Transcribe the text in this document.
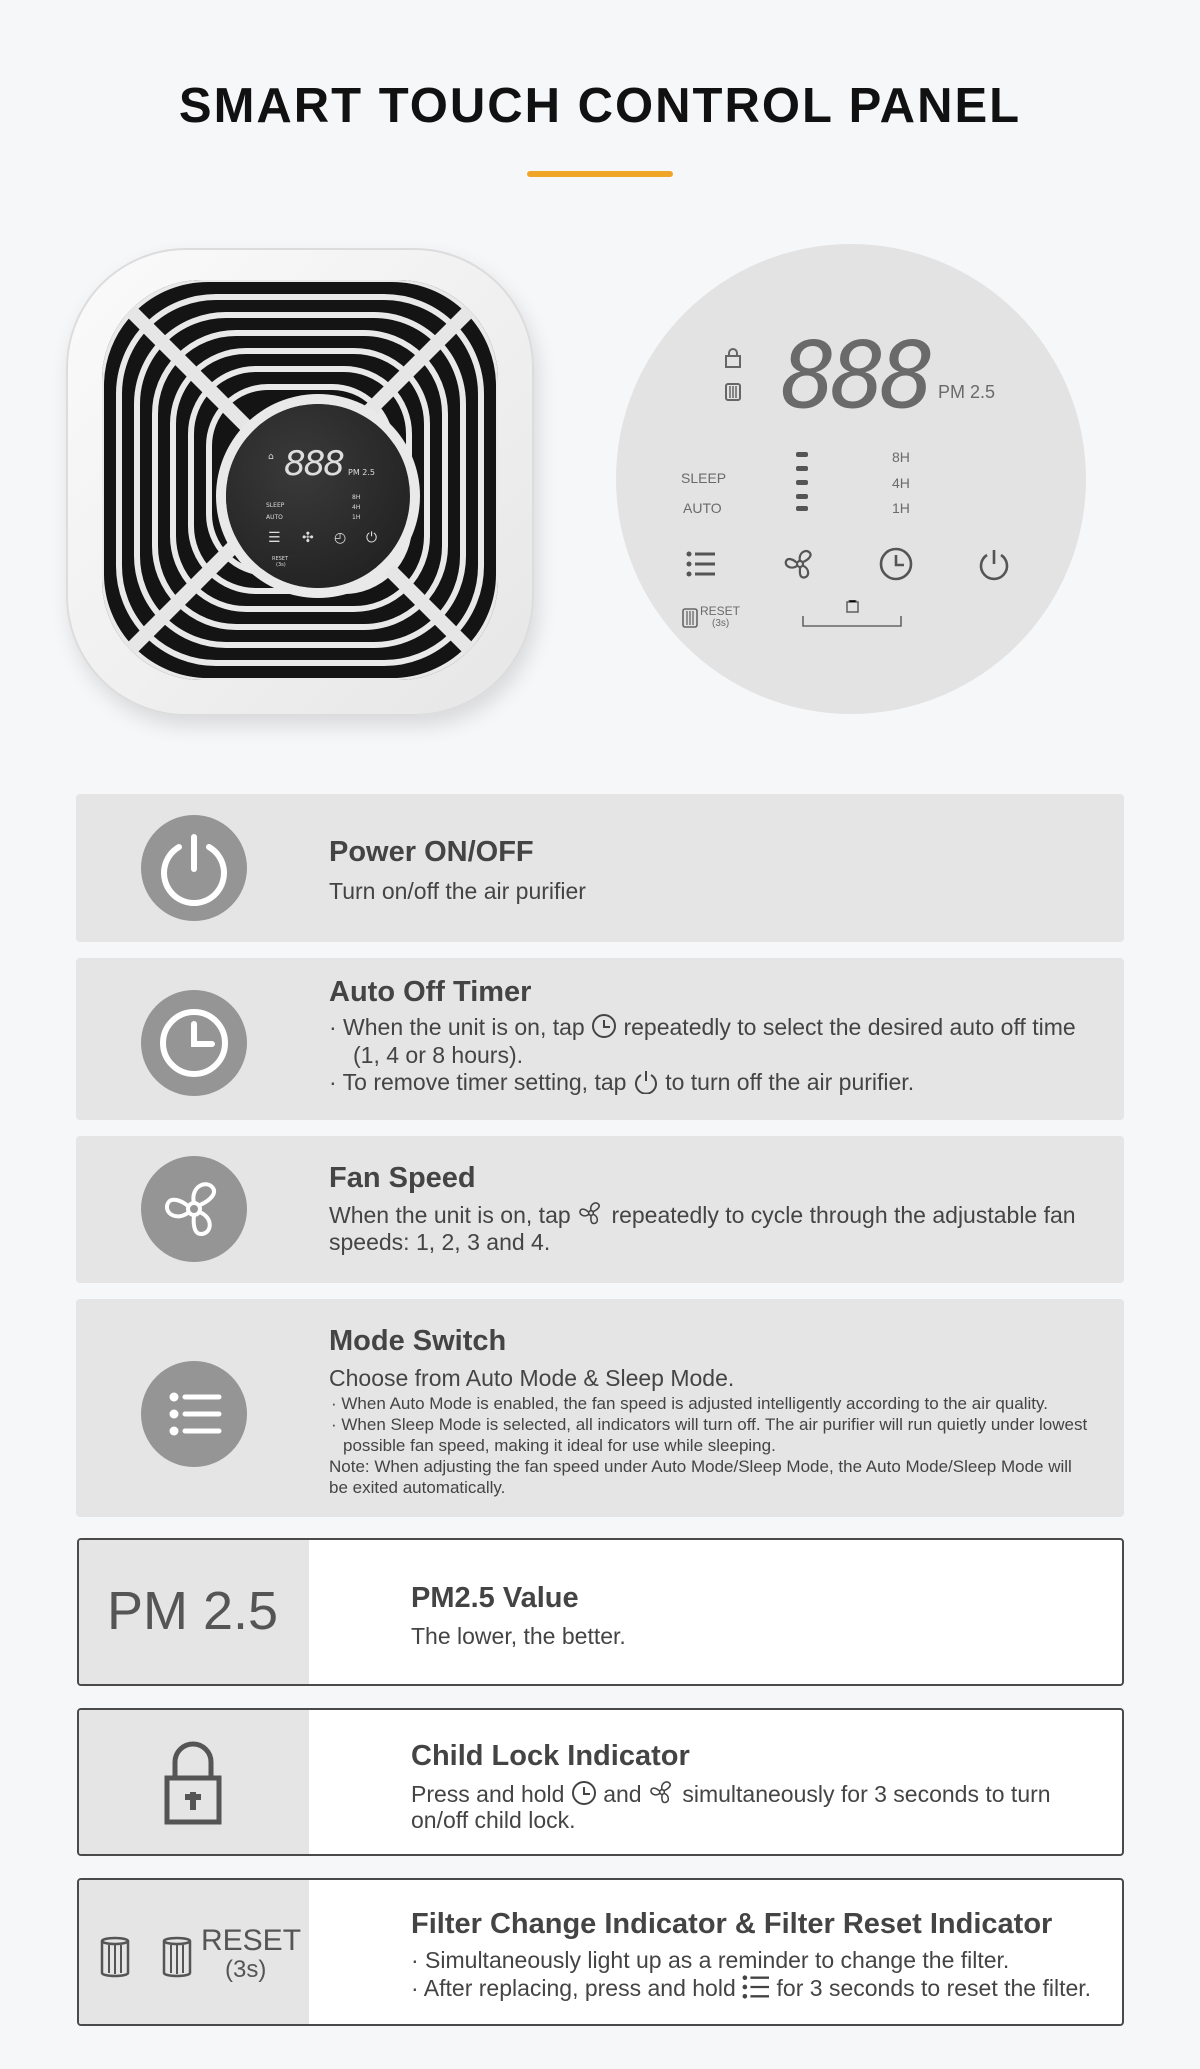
SMART TOUCH CONTROL PANEL
888 PM 2.5
⌂
SLEEP
AUTO
8H
4H
1H
☰ ✣ ◴ ⏻
RESET
(3s)
888 PM 2.5
SLEEP
AUTO
8H
4H
1H
RESET
(3s)
Power ON/OFF

Turn on/off the air purifier

Auto Off Timer

· When the unit is on, tap  repeatedly to select the desired auto off time

(1, 4 or 8 hours).

· To remove timer setting, tap  to turn off the air purifier.

Fan Speed

When the unit is on, tap  repeatedly to cycle through the adjustable fan

speeds: 1, 2, 3 and 4.

Mode Switch

Choose from Auto Mode & Sleep Mode.

· When Auto Mode is enabled, the fan speed is adjusted intelligently according to the air quality.

· When Sleep Mode is selected, all indicators will turn off. The air purifier will run quietly under lowest

possible fan speed, making it ideal for use while sleeping.

Note: When adjusting the fan speed under Auto Mode/Sleep Mode, the Auto Mode/Sleep Mode will

be exited automatically.

PM 2.5	PM2.5 Value

The lower, the better.

Child Lock Indicator

Press and hold  and  simultaneously for 3 seconds to turn

on/off child lock.

RESET
(3s)
Filter Change Indicator & Filter Reset Indicator

· Simultaneously light up as a reminder to change the filter.

· After replacing, press and hold  for 3 seconds to reset the filter.
